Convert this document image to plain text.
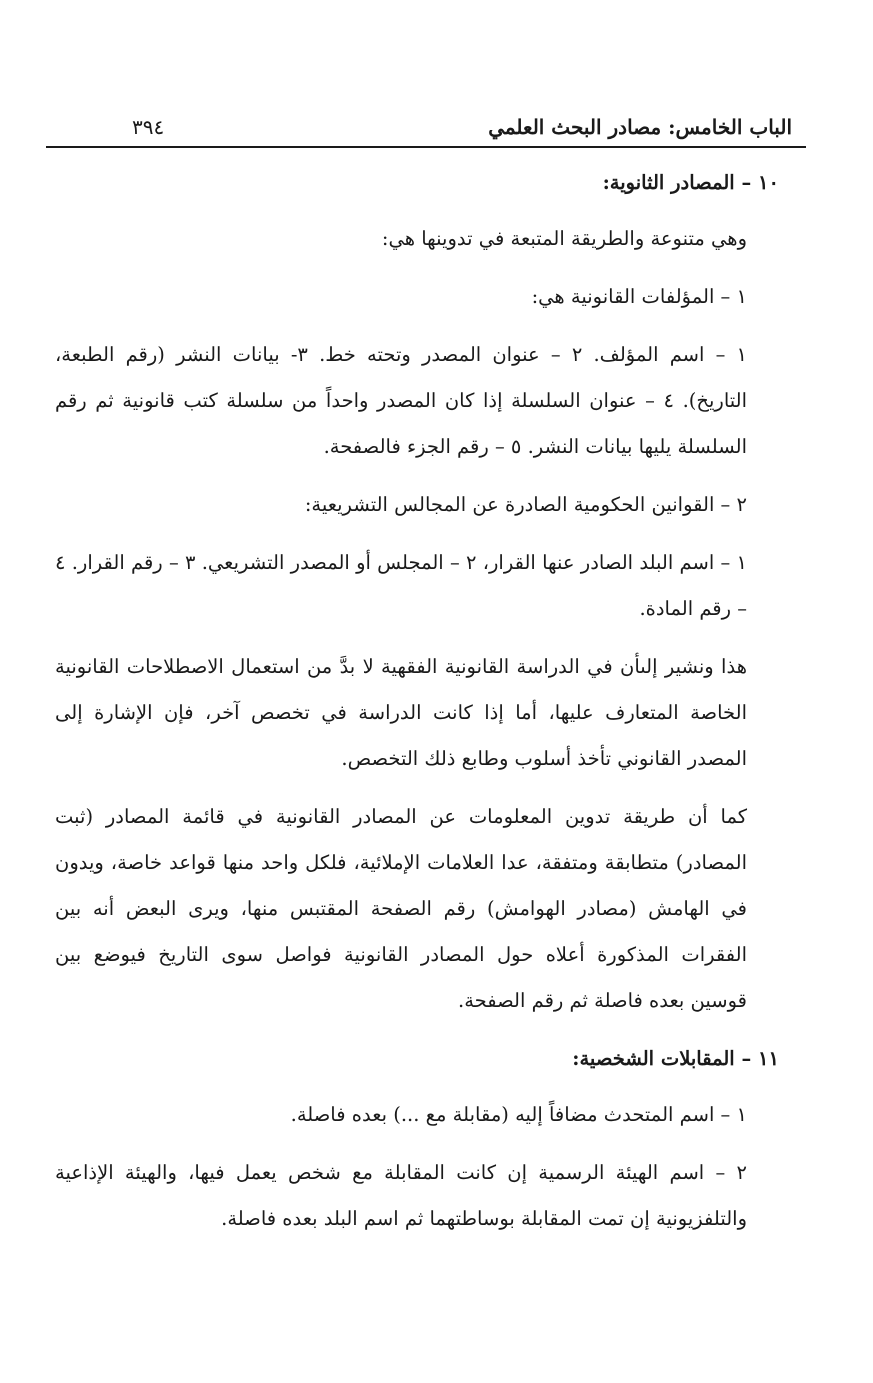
الباب الخامس: مصادر البحث العلمي
٣٩٤

١٠ – المصادر الثانوية:

وهي متنوعة والطريقة المتبعة في تدوينها هي:

١ – المؤلفات القانونية هي:

١ – اسم المؤلف. ٢ – عنوان المصدر وتحته خط. ٣- بيانات النشر (رقم الطبعة، التاريخ). ٤ – عنوان السلسلة إذا كان المصدر واحداً من سلسلة كتب قانونية ثم رقم السلسلة يليها بيانات النشر. ٥ – رقم الجزء فالصفحة.

٢ – القوانين الحكومية الصادرة عن المجالس التشريعية:

١ – اسم البلد الصادر عنها القرار، ٢ – المجلس أو المصدر التشريعي. ٣ – رقم القرار. ٤ – رقم المادة.

هذا ونشير إلىأن في الدراسة القانونية الفقهية لا بدَّ من استعمال الاصطلاحات القانونية الخاصة المتعارف عليها، أما إذا كانت الدراسة في تخصص آخر، فإن الإشارة إلى المصدر القانوني تأخذ أسلوب وطابع ذلك التخصص.

كما أن طريقة تدوين المعلومات عن المصادر القانونية في قائمة المصادر (ثبت المصادر) متطابقة ومتفقة، عدا العلامات الإملائية، فلكل واحد منها قواعد خاصة، ويدون في الهامش (مصادر الهوامش) رقم الصفحة المقتبس منها، ويرى البعض أنه بين الفقرات المذكورة أعلاه حول المصادر القانونية فواصل سوى التاريخ فيوضع بين قوسين بعده فاصلة ثم رقم الصفحة.

١١ – المقابلات الشخصية:

١ – اسم المتحدث مضافاً إليه (مقابلة مع ...) بعده فاصلة.

٢ – اسم الهيئة الرسمية إن كانت المقابلة مع شخص يعمل فيها، والهيئة الإذاعية والتلفزيونية إن تمت المقابلة بوساطتهما ثم اسم البلد بعده فاصلة.
